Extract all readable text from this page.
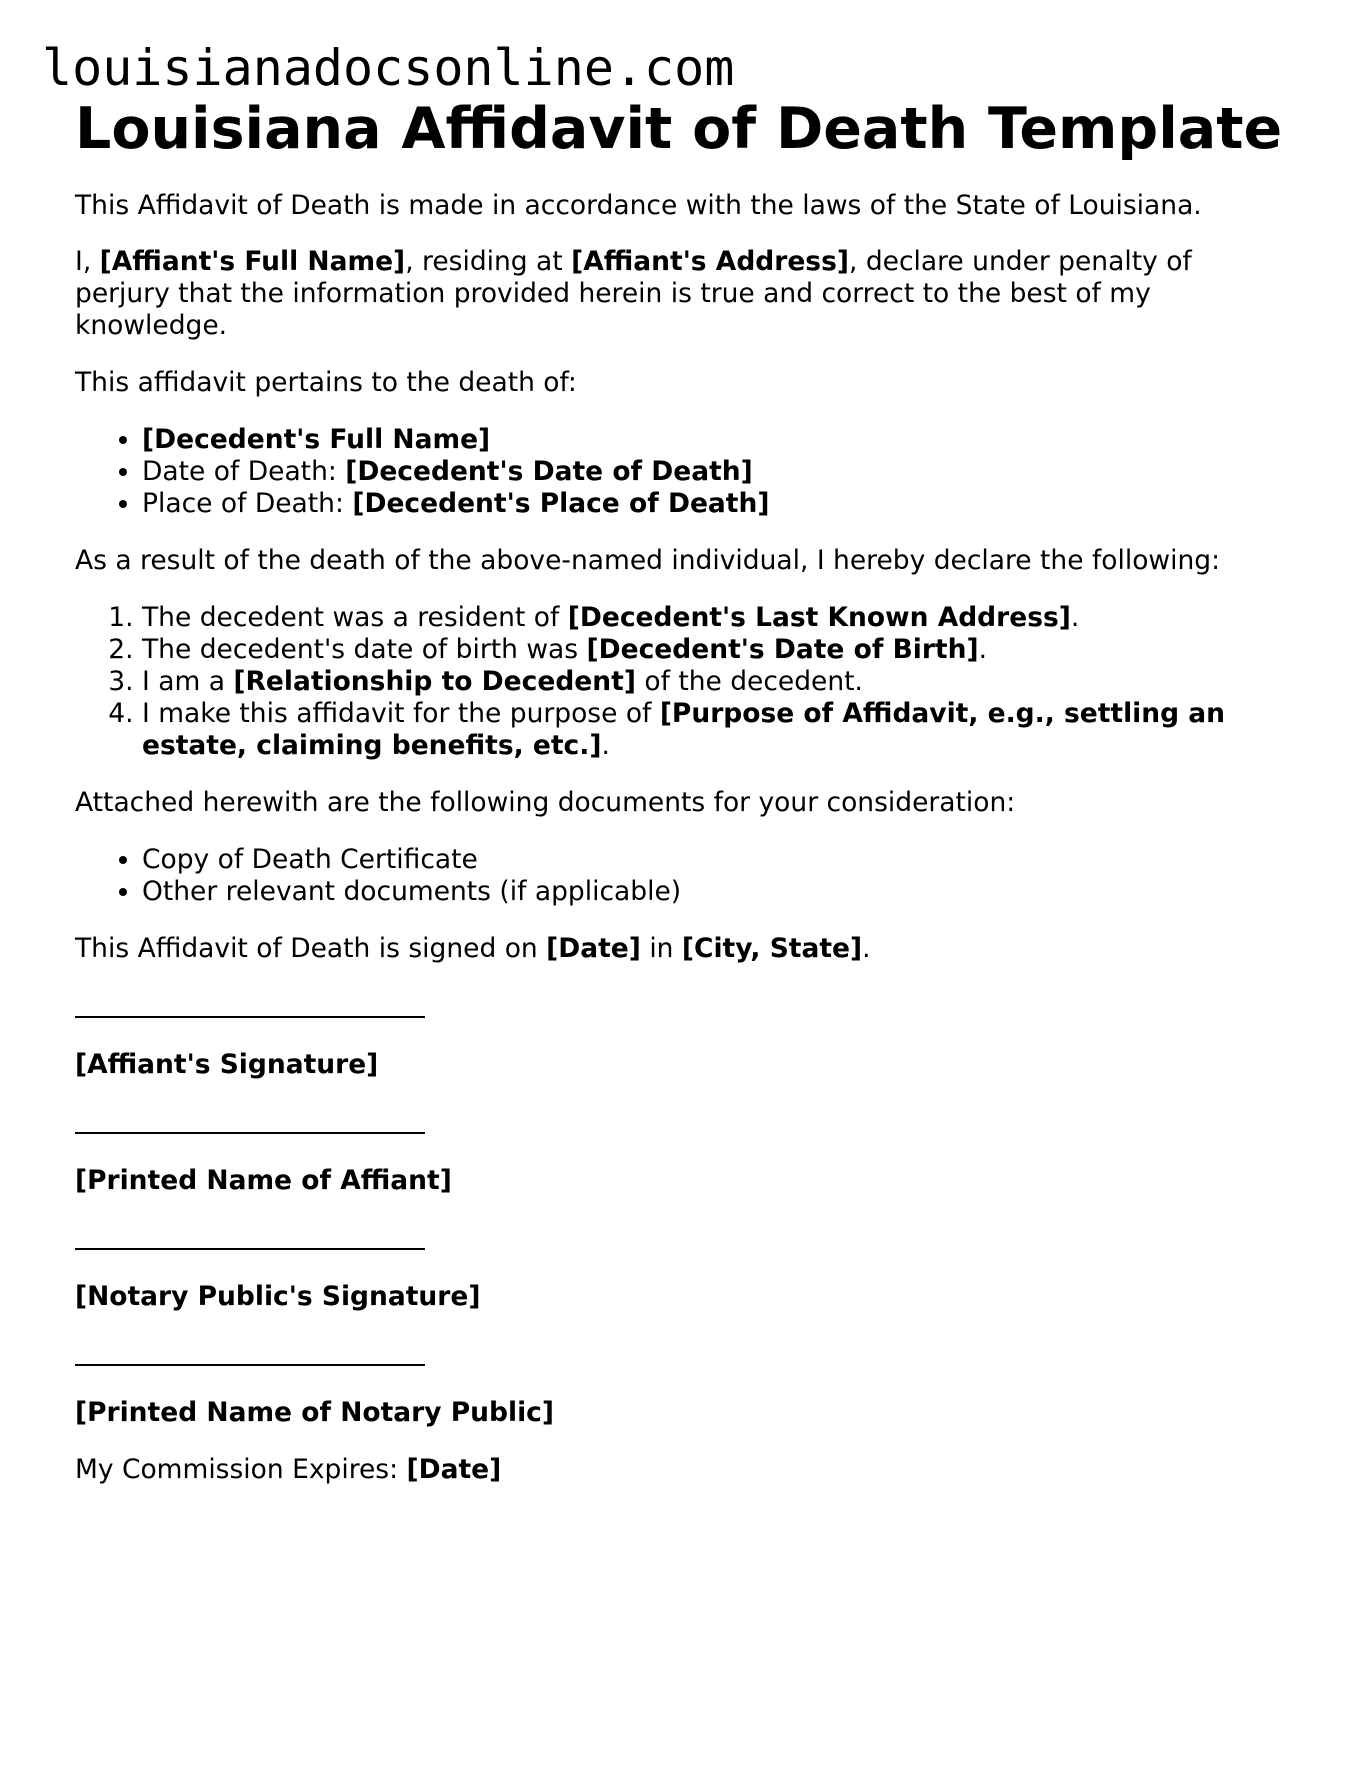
louisianadocsonline.com
Louisiana Affidavit of Death Template

This Affidavit of Death is made in accordance with the laws of the State of Louisiana.

I, [Affiant's Full Name], residing at [Affiant's Address], declare under penalty of perjury that the information provided herein is true and correct to the best of my knowledge.

This affidavit pertains to the death of:

• [Decedent's Full Name]
• Date of Death: [Decedent's Date of Death]
• Place of Death: [Decedent's Place of Death]

As a result of the death of the above-named individual, I hereby declare the following:

1. The decedent was a resident of [Decedent's Last Known Address].
2. The decedent's date of birth was [Decedent's Date of Birth].
3. I am a [Relationship to Decedent] of the decedent.
4. I make this affidavit for the purpose of [Purpose of Affidavit, e.g., settling an estate, claiming benefits, etc.].

Attached herewith are the following documents for your consideration:

• Copy of Death Certificate
• Other relevant documents (if applicable)

This Affidavit of Death is signed on [Date] in [City, State].

[Affiant's Signature]

[Printed Name of Affiant]

[Notary Public's Signature]

[Printed Name of Notary Public]

My Commission Expires: [Date]
